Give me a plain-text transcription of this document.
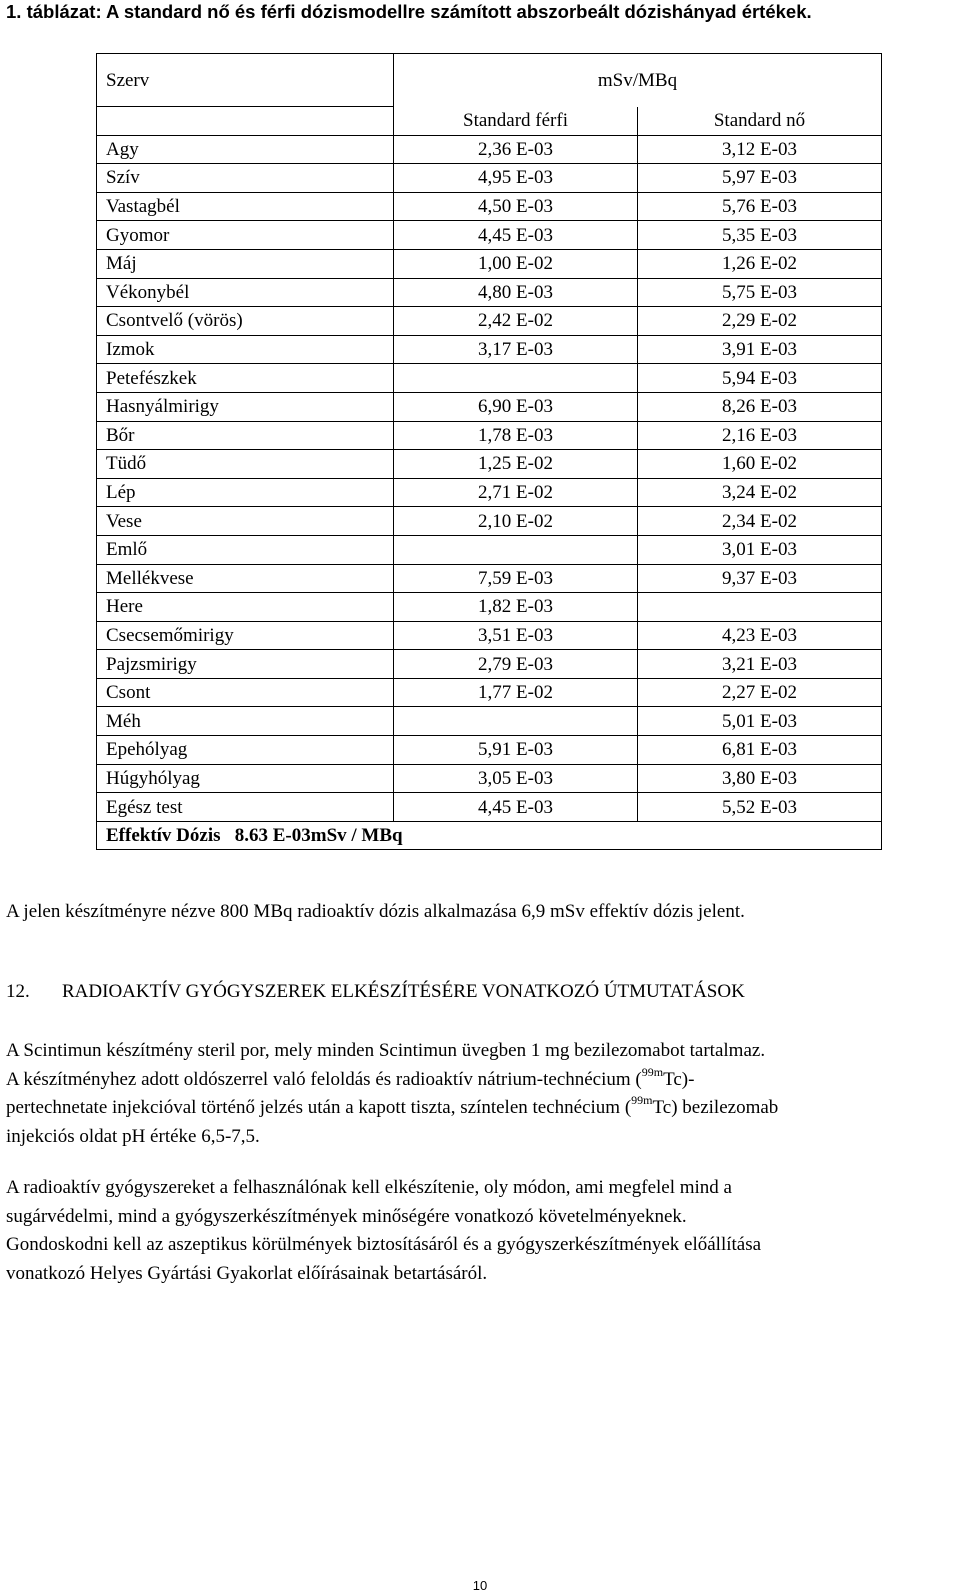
1. táblázat: A standard nő és férfi dózismodellre számított abszorbeált dózishányad értékek.
Szerv	mSv/MBq	
	Standard férfi	Standard nő
Agy	2,36 E-03	3,12 E-03
Szív	4,95 E-03	5,97 E-03
Vastagbél	4,50 E-03	5,76 E-03
Gyomor	4,45 E-03	5,35 E-03
Máj	1,00 E-02	1,26 E-02
Vékonybél	4,80 E-03	5,75 E-03
Csontvelő (vörös)	2,42 E-02	2,29 E-02
Izmok	3,17 E-03	3,91 E-03
Petefészkek		5,94 E-03
Hasnyálmirigy	6,90 E-03	8,26 E-03
Bőr	1,78 E-03	2,16 E-03
Tüdő	1,25 E-02	1,60 E-02
Lép	2,71 E-02	3,24 E-02
Vese	2,10 E-02	2,34 E-02
Emlő		3,01 E-03
Mellékvese	7,59 E-03	9,37 E-03
Here	1,82 E-03	
Csecsemőmirigy	3,51 E-03	4,23 E-03
Pajzsmirigy	2,79 E-03	3,21 E-03
Csont	1,77 E-02	2,27 E-02
Méh		5,01 E-03
Epehólyag	5,91 E-03	6,81 E-03
Húgyhólyag	3,05 E-03	3,80 E-03
Egész test	4,45 E-03	5,52 E-03
Effektív Dózis   8.63 E-03mSv / MBq		
A jelen készítményre nézve 800 MBq radioaktív dózis alkalmazása 6,9 mSv effektív dózis jelent.
12. RADIOAKTÍV GYÓGYSZEREK ELKÉSZÍTÉSÉRE VONATKOZÓ ÚTMUTATÁSOK
A Scintimun készítmény steril por, mely minden Scintimun üvegben 1 mg bezilezomabot tartalmaz.
A készítményhez adott oldószerrel való feloldás és radioaktív nátrium-technécium ($^{99m}$Tc)-
pertechnetate injekcióval történő jelzés után a kapott tiszta, színtelen technécium ($^{99m}$Tc) bezilezomab
injekciós oldat pH értéke 6,5-7,5.
A radioaktív gyógyszereket a felhasználónak kell elkészítenie, oly módon, ami megfelel mind a
sugárvédelmi, mind a gyógyszerkészítmények minőségére vonatkozó követelményeknek.
Gondoskodni kell az aszeptikus körülmények biztosításáról és a gyógyszerkészítmények előállítása
vonatkozó Helyes Gyártási Gyakorlat előírásainak betartásáról.
10
